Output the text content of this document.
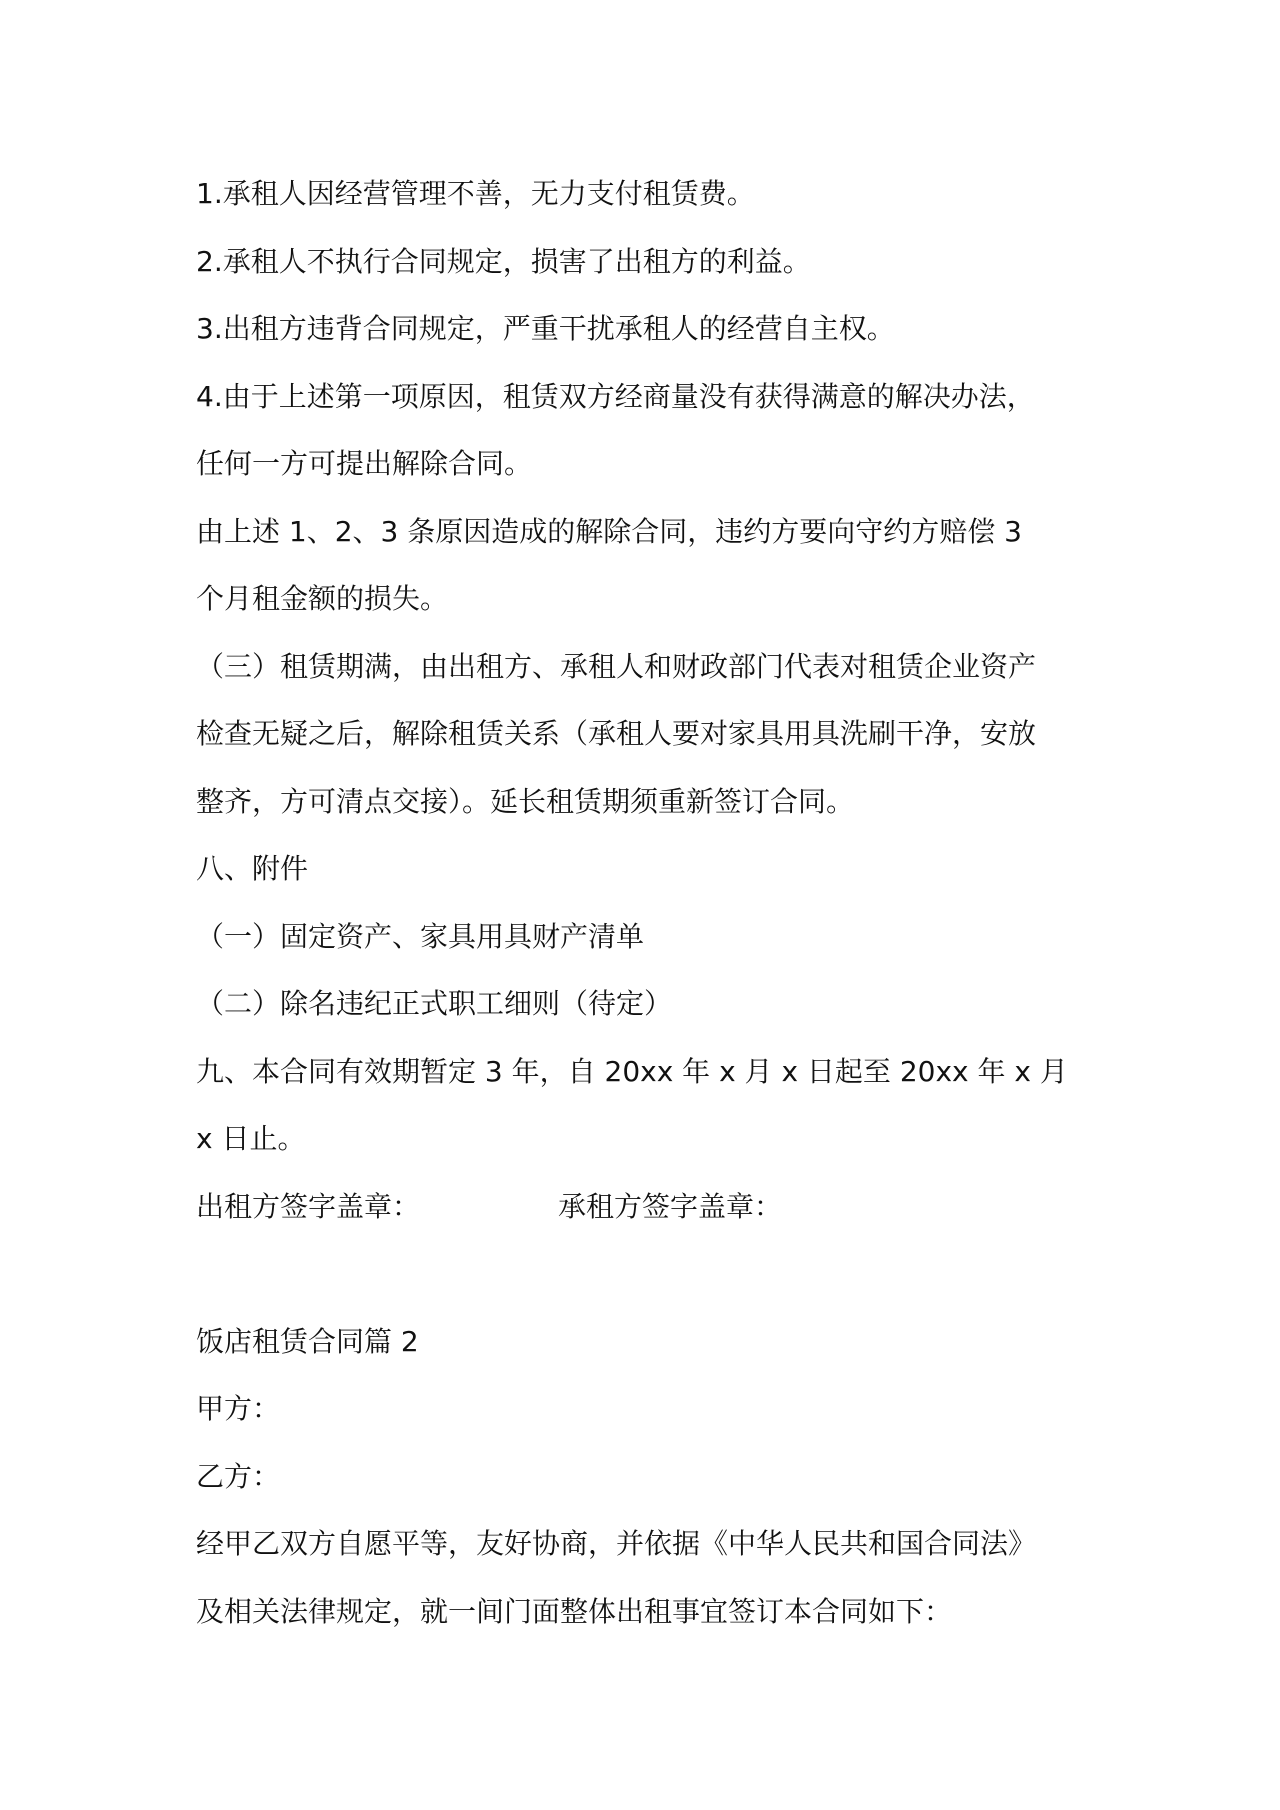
1.承租人因经营管理不善，无力支付租赁费。
2.承租人不执行合同规定，损害了出租方的利益。
3.出租方违背合同规定，严重干扰承租人的经营自主权。
4.由于上述第一项原因，租赁双方经商量没有获得满意的解决办法，
任何一方可提出解除合同。
由上述 1、2、3 条原因造成的解除合同，违约方要向守约方赔偿 3
个月租金额的损失。
（三）租赁期满，由出租方、承租人和财政部门代表对租赁企业资产
检查无疑之后，解除租赁关系（承租人要对家具用具洗刷干净，安放
整齐，方可清点交接）。延长租赁期须重新签订合同。
八、附件
（一）固定资产、家具用具财产清单
（二）除名违纪正式职工细则（待定）
九、本合同有效期暂定 3 年，自 20xx 年 x 月 x 日起至 20xx 年 x 月
x 日止。
出租方签字盖章：	承租方签字盖章：
饭店租赁合同篇 2
甲方：
乙方：
经甲乙双方自愿平等，友好协商，并依据《中华人民共和国合同法》
及相关法律规定，就一间门面整体出租事宜签订本合同如下：
